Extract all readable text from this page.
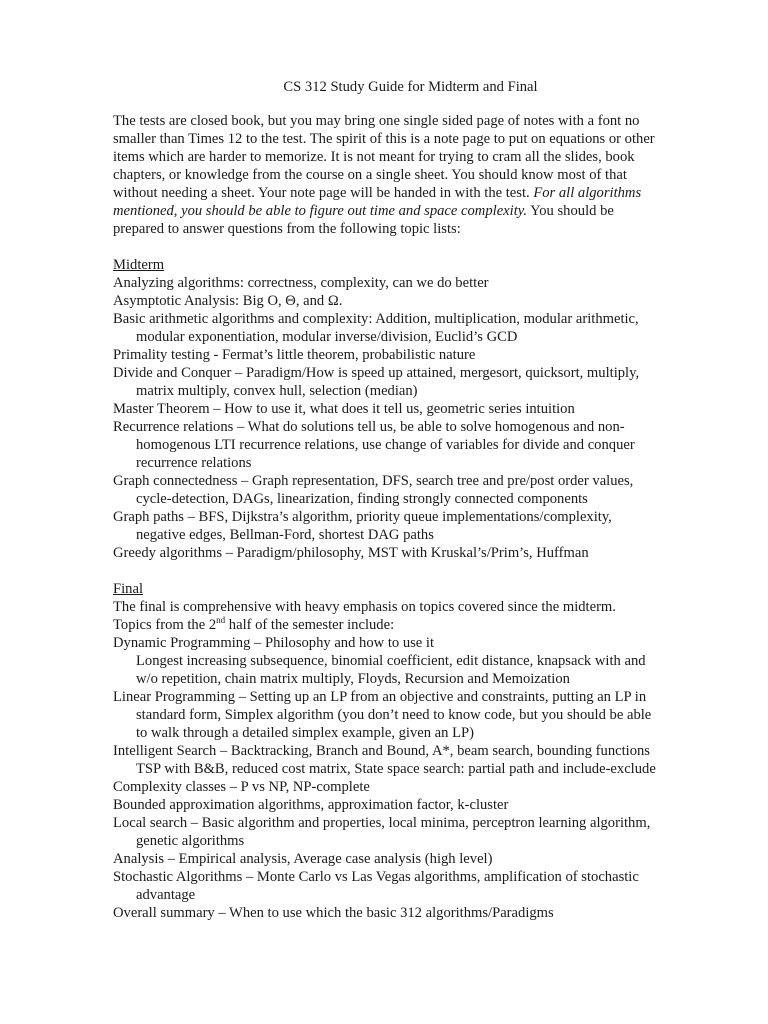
CS 312 Study Guide for Midterm and Final
The tests are closed book, but you may bring one single sided page of notes with a font no smaller than Times 12 to the test. The spirit of this is a note page to put on equations or other items which are harder to memorize. It is not meant for trying to cram all the slides, book chapters, or knowledge from the course on a single sheet. You should know most of that without needing a sheet. Your note page will be handed in with the test. For all algorithms mentioned, you should be able to figure out time and space complexity. You should be prepared to answer questions from the following topic lists:
Midterm
Analyzing algorithms: correctness, complexity, can we do better
Asymptotic Analysis: Big O, Θ, and Ω.
Basic arithmetic algorithms and complexity: Addition, multiplication, modular arithmetic,
modular exponentiation, modular inverse/division, Euclid’s GCD
Primality testing - Fermat’s little theorem, probabilistic nature
Divide and Conquer – Paradigm/How is speed up attained, mergesort, quicksort, multiply,
matrix multiply, convex hull, selection (median)
Master Theorem – How to use it, what does it tell us, geometric series intuition
Recurrence relations – What do solutions tell us, be able to solve homogenous and non-
homogenous LTI recurrence relations, use change of variables for divide and conquer
recurrence relations
Graph connectedness – Graph representation, DFS, search tree and pre/post order values,
cycle-detection, DAGs, linearization, finding strongly connected components
Graph paths – BFS, Dijkstra’s algorithm, priority queue implementations/complexity,
negative edges, Bellman-Ford, shortest DAG paths
Greedy algorithms – Paradigm/philosophy, MST with Kruskal’s/Prim’s, Huffman
Final
The final is comprehensive with heavy emphasis on topics covered since the midterm.
Topics from the 2nd half of the semester include:
Dynamic Programming – Philosophy and how to use it
Longest increasing subsequence, binomial coefficient, edit distance, knapsack with and
w/o repetition, chain matrix multiply, Floyds, Recursion and Memoization
Linear Programming – Setting up an LP from an objective and constraints, putting an LP in
standard form, Simplex algorithm (you don’t need to know code, but you should be able
to walk through a detailed simplex example, given an LP)
Intelligent Search – Backtracking, Branch and Bound, A*, beam search, bounding functions
TSP with B&B, reduced cost matrix, State space search: partial path and include-exclude
Complexity classes – P vs NP, NP-complete
Bounded approximation algorithms, approximation factor, k-cluster
Local search – Basic algorithm and properties, local minima, perceptron learning algorithm,
genetic algorithms
Analysis – Empirical analysis, Average case analysis (high level)
Stochastic Algorithms – Monte Carlo vs Las Vegas algorithms, amplification of stochastic
advantage
Overall summary – When to use which the basic 312 algorithms/Paradigms
